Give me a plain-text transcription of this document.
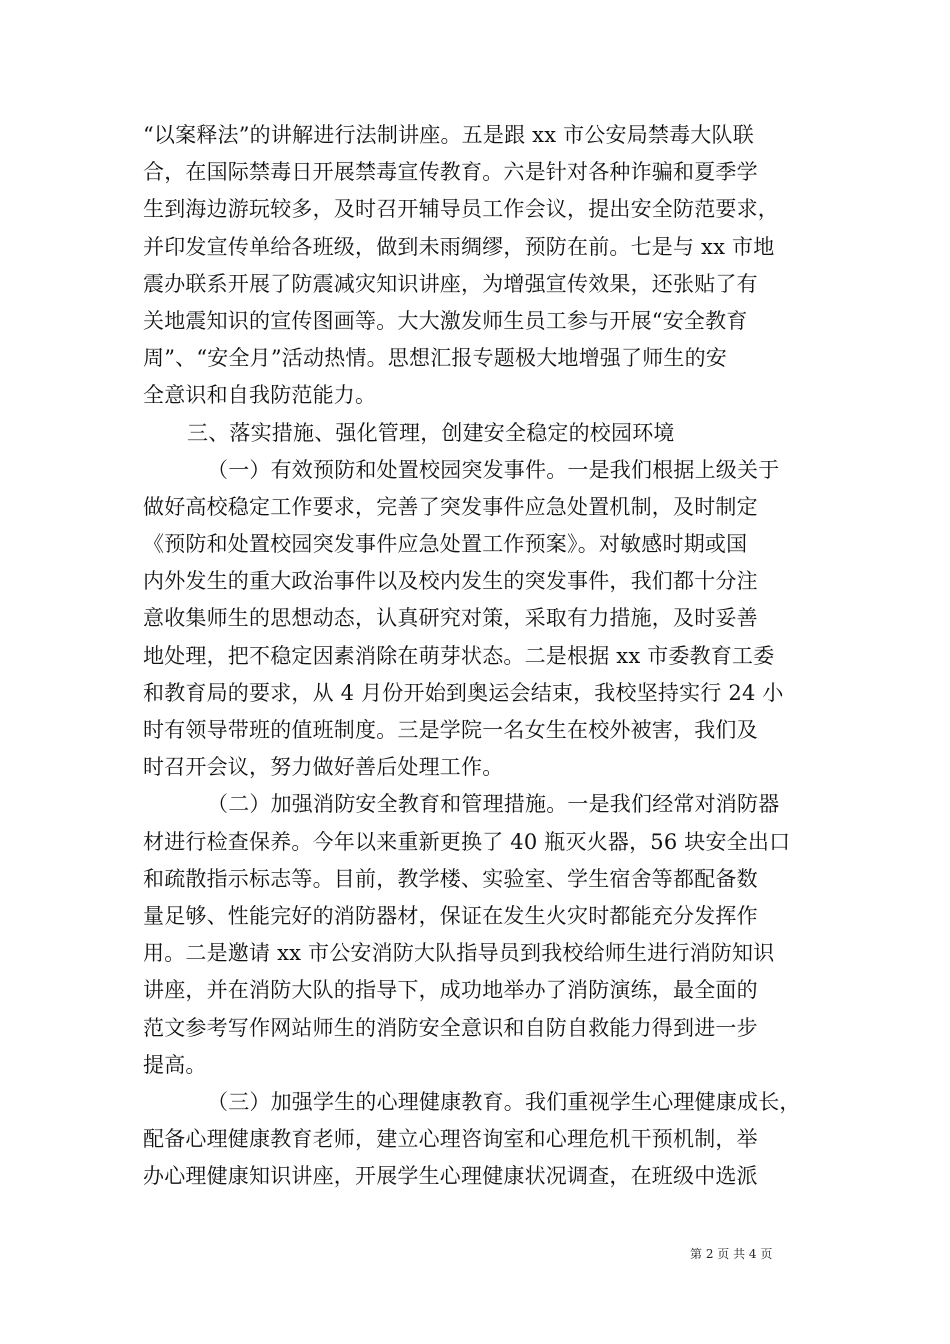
“以案释法”的讲解进行法制讲座。五是跟 xx 市公安局禁毒大队联
合，在国际禁毒日开展禁毒宣传教育。六是针对各种诈骗和夏季学
生到海边游玩较多，及时召开辅导员工作会议，提出安全防范要求，
并印发宣传单给各班级，做到未雨绸缪，预防在前。七是与 xx 市地
震办联系开展了防震减灾知识讲座，为增强宣传效果，还张贴了有
关地震知识的宣传图画等。大大激发师生员工参与开展“安全教育
周”、“安全月”活动热情。思想汇报专题极大地增强了师生的安
全意识和自我防范能力。
三、落实措施、强化管理，创建安全稳定的校园环境
（一）有效预防和处置校园突发事件。一是我们根据上级关于
做好高校稳定工作要求，完善了突发事件应急处置机制，及时制定
《预防和处置校园突发事件应急处置工作预案》。对敏感时期或国
内外发生的重大政治事件以及校内发生的突发事件，我们都十分注
意收集师生的思想动态，认真研究对策，采取有力措施，及时妥善
地处理，把不稳定因素消除在萌芽状态。二是根据 xx 市委教育工委
和教育局的要求，从 4 月份开始到奥运会结束，我校坚持实行 24 小
时有领导带班的值班制度。三是学院一名女生在校外被害，我们及
时召开会议，努力做好善后处理工作。
（二）加强消防安全教育和管理措施。一是我们经常对消防器
材进行检查保养。今年以来重新更换了 40 瓶灭火器，56 块安全出口
和疏散指示标志等。目前，教学楼、实验室、学生宿舍等都配备数
量足够、性能完好的消防器材，保证在发生火灾时都能充分发挥作
用。二是邀请 xx 市公安消防大队指导员到我校给师生进行消防知识
讲座，并在消防大队的指导下，成功地举办了消防演练，最全面的
范文参考写作网站师生的消防安全意识和自防自救能力得到进一步
提高。
（三）加强学生的心理健康教育。我们重视学生心理健康成长，
配备心理健康教育老师，建立心理咨询室和心理危机干预机制，举
办心理健康知识讲座，开展学生心理健康状况调查，在班级中选派
第 2 页 共 4 页
